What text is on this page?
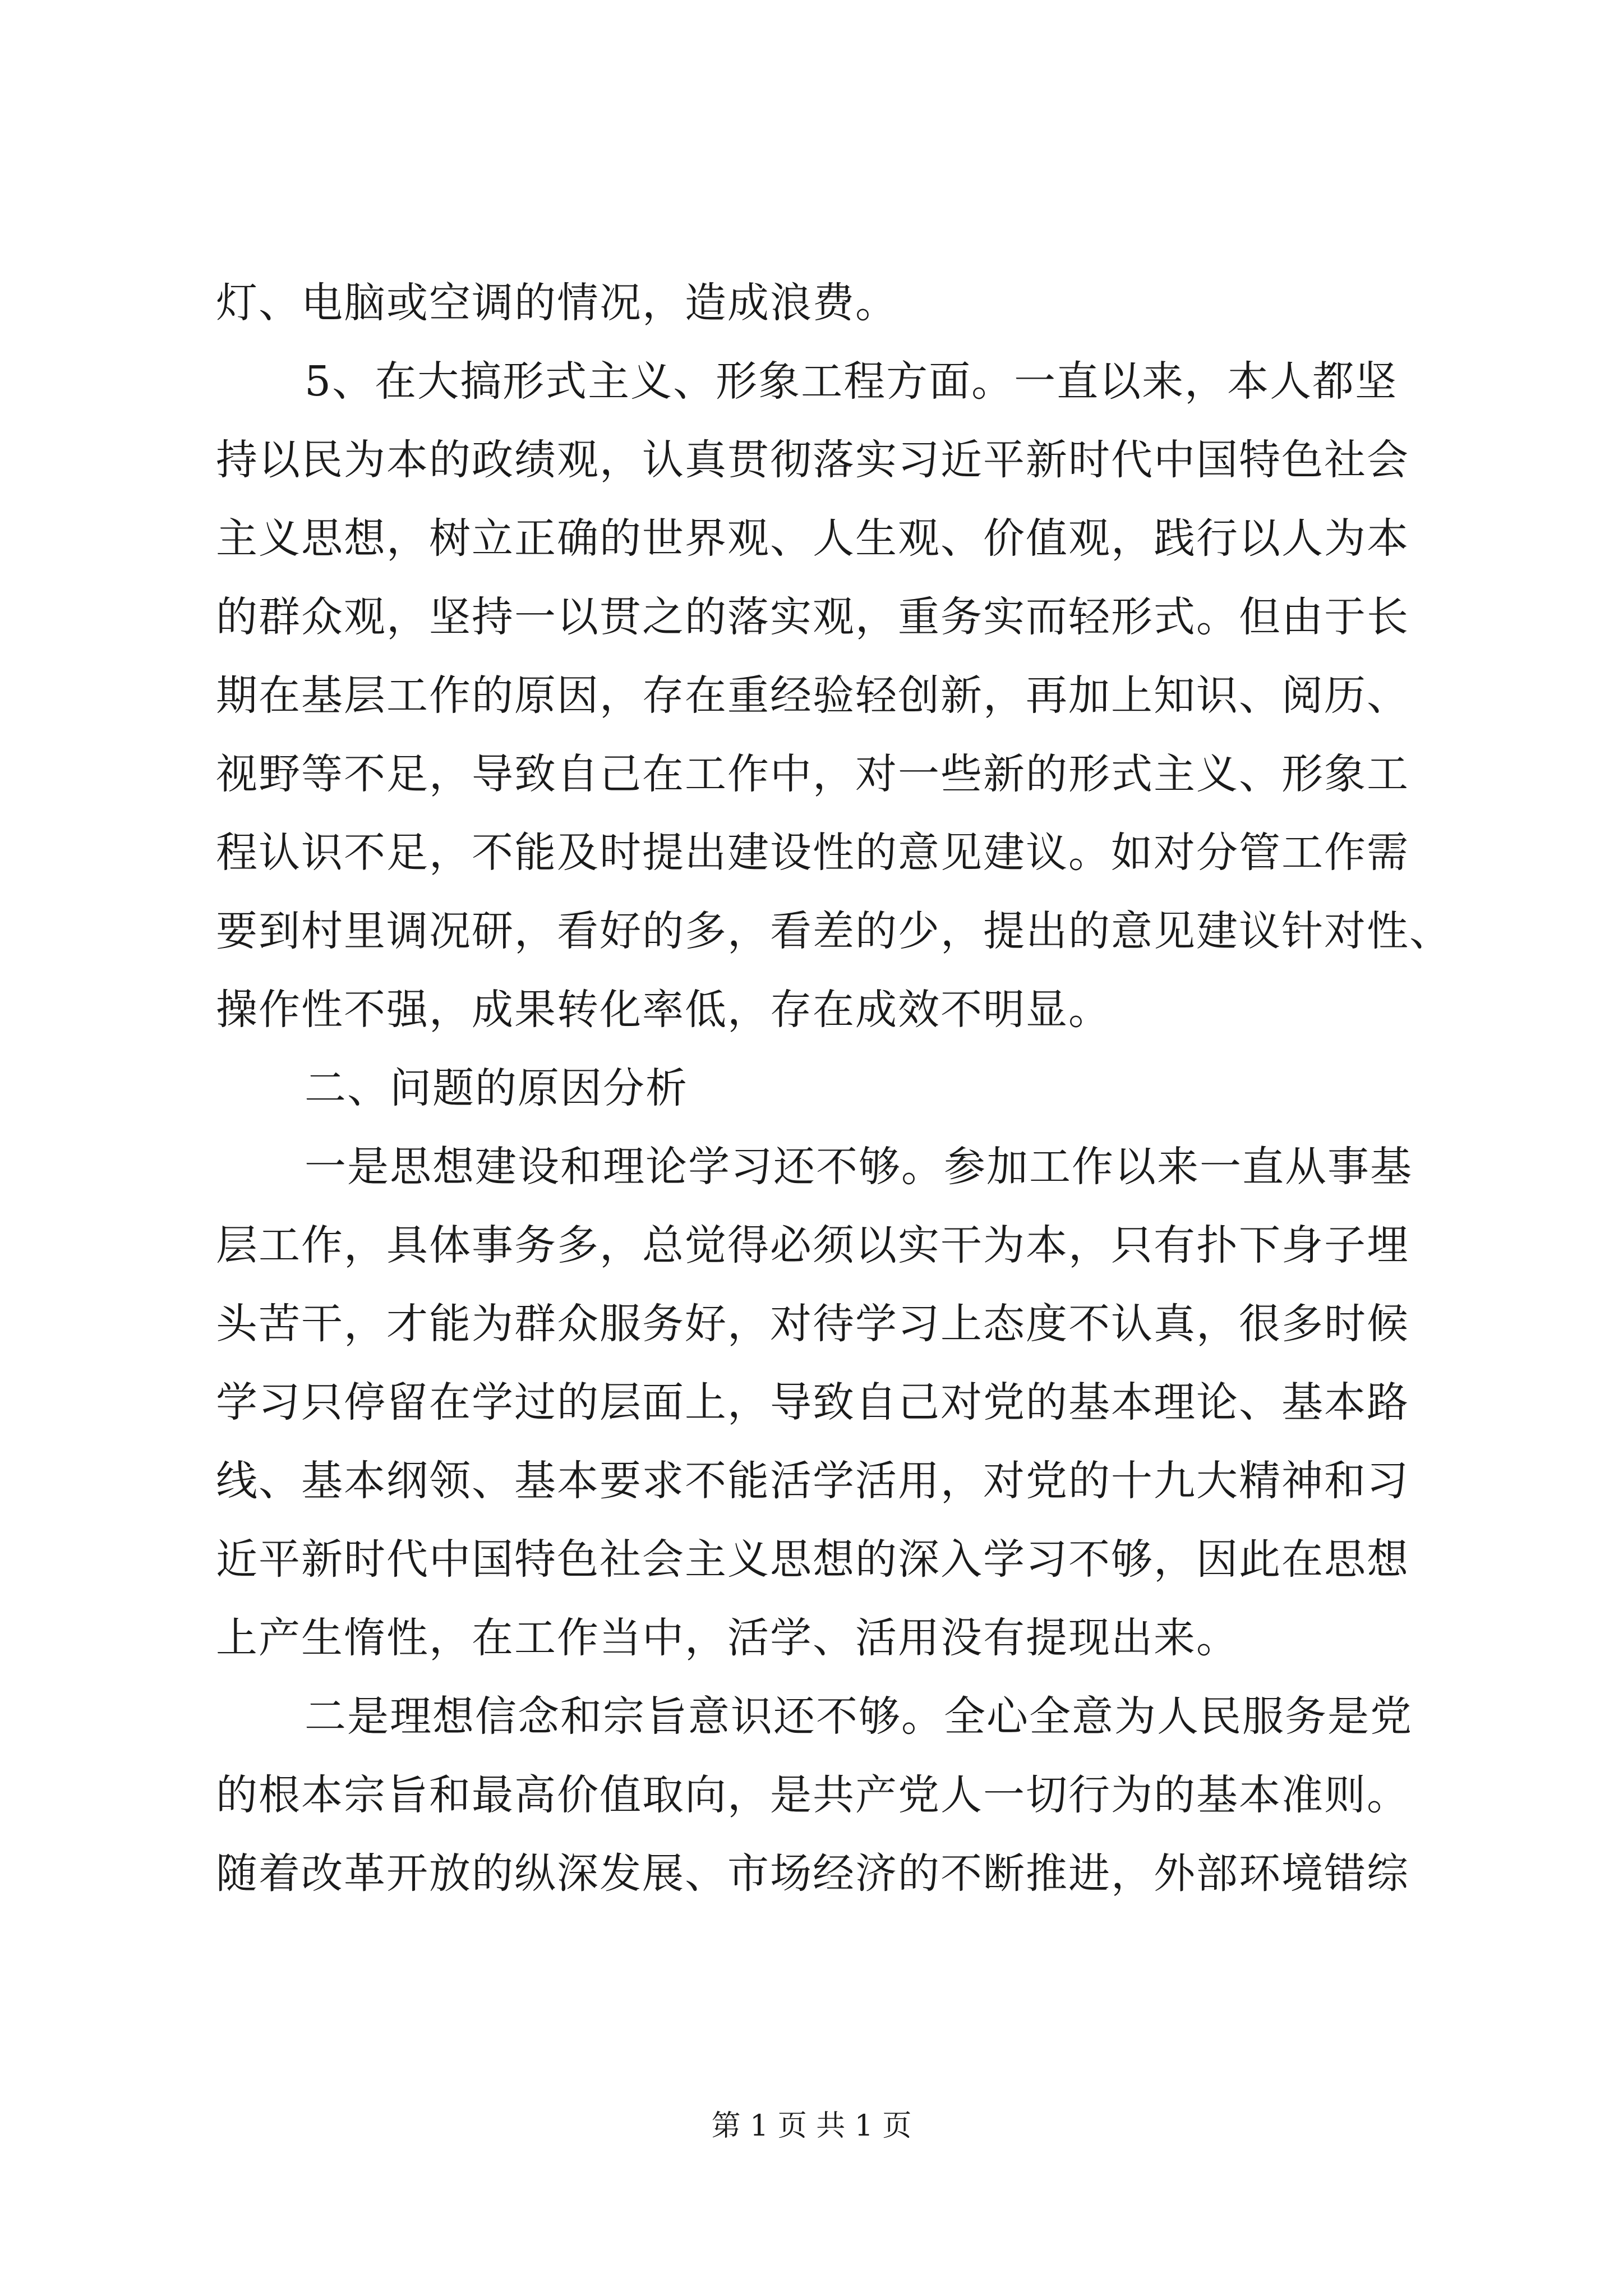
灯、电脑或空调的情况，造成浪费。
5、在大搞形式主义、形象工程方面。一直以来，本人都坚
持以民为本的政绩观，认真贯彻落实习近平新时代中国特色社会
主义思想，树立正确的世界观、人生观、价值观，践行以人为本
的群众观，坚持一以贯之的落实观，重务实而轻形式。但由于长
期在基层工作的原因，存在重经验轻创新，再加上知识、阅历、
视野等不足，导致自己在工作中，对一些新的形式主义、形象工
程认识不足，不能及时提出建设性的意见建议。如对分管工作需
要到村里调况研，看好的多，看差的少，提出的意见建议针对性、
操作性不强，成果转化率低，存在成效不明显。
二、问题的原因分析
一是思想建设和理论学习还不够。参加工作以来一直从事基
层工作，具体事务多，总觉得必须以实干为本，只有扑下身子埋
头苦干，才能为群众服务好，对待学习上态度不认真，很多时候
学习只停留在学过的层面上，导致自己对党的基本理论、基本路
线、基本纲领、基本要求不能活学活用，对党的十九大精神和习
近平新时代中国特色社会主义思想的深入学习不够，因此在思想
上产生惰性，在工作当中，活学、活用没有提现出来。
二是理想信念和宗旨意识还不够。全心全意为人民服务是党
的根本宗旨和最高价值取向，是共产党人一切行为的基本准则。
随着改革开放的纵深发展、市场经济的不断推进，外部环境错综
第 1 页 共 1 页
